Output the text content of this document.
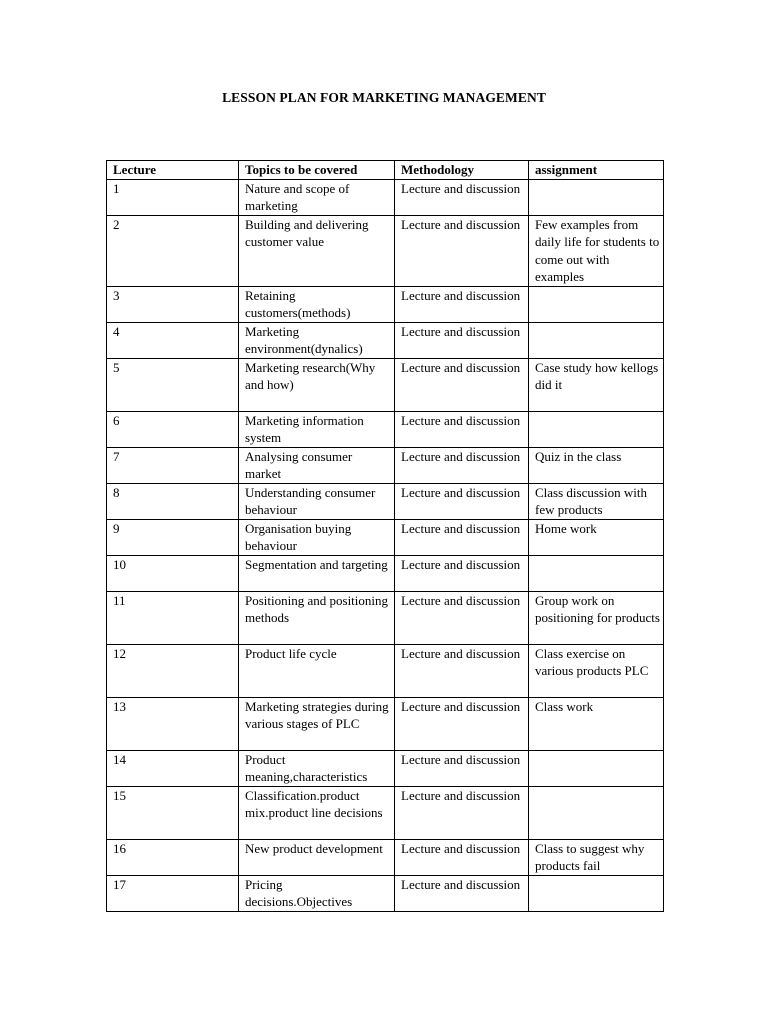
LESSON PLAN FOR MARKETING MANAGEMENT
Lecture	Topics to be covered	Methodology	assignment
1	Nature and scope of marketing	Lecture and discussion	
2	Building and delivering customer value	Lecture and discussion	Few examples from daily life for students to come out with examples
3	Retaining customers(methods)	Lecture and discussion	
4	Marketing environment(dynalics)	Lecture and discussion	
5	Marketing research(Why and how)	Lecture and discussion	Case study how kellogs did it
6	Marketing information system	Lecture and discussion	
7	Analysing consumer market	Lecture and discussion	Quiz in the class
8	Understanding consumer behaviour	Lecture and discussion	Class discussion with few products
9	Organisation buying behaviour	Lecture and discussion	Home work
10	Segmentation and targeting	Lecture and discussion	
11	Positioning and positioning methods	Lecture and discussion	Group work on positioning for products
12	Product life cycle	Lecture and discussion	Class exercise on various products PLC
13	Marketing strategies during various stages of PLC	Lecture and discussion	Class work
14	Product meaning,characteristics	Lecture and discussion	
15	Classification.product mix.product line decisions	Lecture and discussion	
16	New product development	Lecture and discussion	Class to suggest why products fail
17	Pricing decisions.Objectives	Lecture and discussion	
